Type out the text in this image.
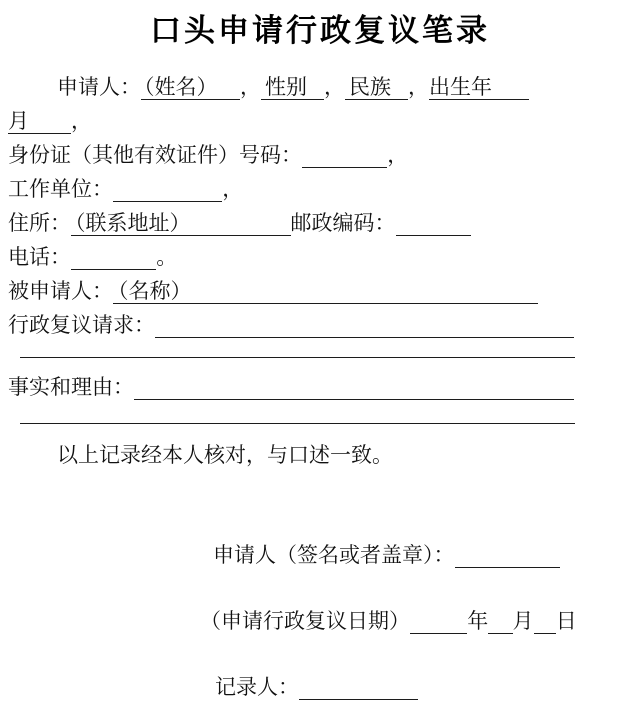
口头申请行政复议笔录
申请人： （姓名） ， 性别 ， 民族 ，出生年
月 ，
身份证（其他有效证件）号码：	，
工作单位：	，
住所： （联系地址）	邮政编码：
电话：	。
被申请人： （名称）
行政复议请求：
事实和理由：
以上记录经本人核对，与口述一致。
申请人（签名或者盖章）：
（申请行政复议日期）	年 月 日
记录人：
